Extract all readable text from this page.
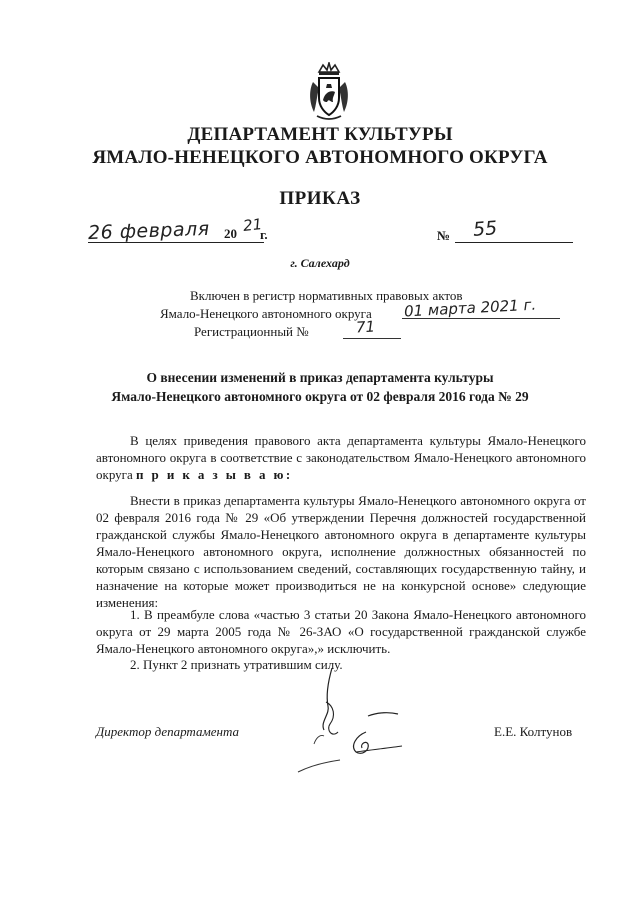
ДЕПАРТАМЕНТ КУЛЬТУРЫ
ЯМАЛО-НЕНЕЦКОГО АВТОНОМНОГО ОКРУГА
ПРИКАЗ
26 февраля 20 21
г.	№ 55
г. Салехард
Включен в регистр нормативных правовых актов
Ямало-Ненецкого автономного округа 01 марта 2021 г.
Регистрационный №	71
О внесении изменений в приказ департамента культуры
Ямало-Ненецкого автономного округа от 02 февраля 2016 года № 29
В целях приведения правового акта департамента культуры Ямало-Ненецкого автономного округа в соответствие с законодательством Ямало-Ненецкого автономного округа п р и к а з ы в а ю:
Внести в приказ департамента культуры Ямало-Ненецкого автономного округа от 02 февраля 2016 года № 29 «Об утверждении Перечня должностей государственной гражданской службы Ямало-Ненецкого автономного округа в департаменте культуры Ямало-Ненецкого автономного округа, исполнение должностных обязанностей по которым связано с использованием сведений, составляющих государственную тайну, и назначение на которые может производиться не на конкурсной основе» следующие изменения:
1. В преамбуле слова «частью 3 статьи 20 Закона Ямало-Ненецкого автономного округа от 29 марта 2005 года № 26-ЗАО «О государственной гражданской службе Ямало-Ненецкого автономного округа»,» исключить.
2. Пункт 2 признать утратившим силу.
Директор департамента	Е.Е. Колтунов
